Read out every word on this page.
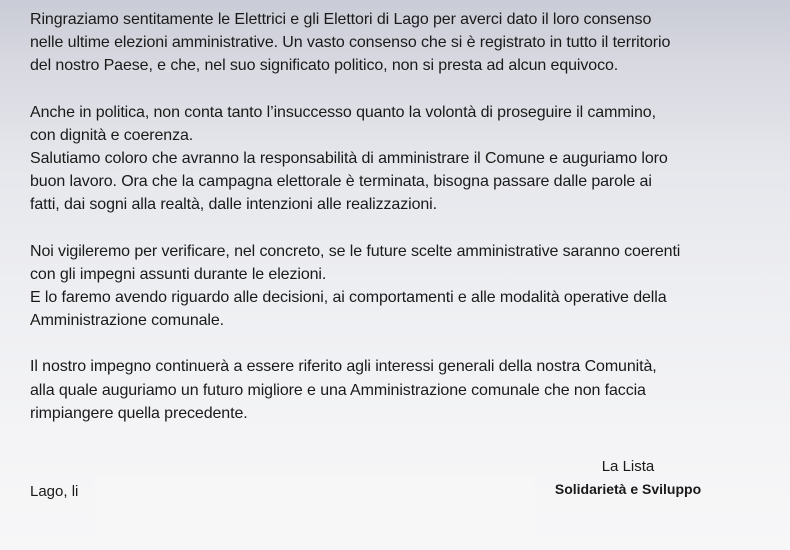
Ringraziamo sentitamente le Elettrici e gli Elettori di Lago per averci dato il loro consenso
nelle ultime elezioni amministrative. Un vasto consenso che si è registrato in tutto il territorio
del nostro Paese, e che, nel suo significato politico, non si presta ad alcun equivoco.

Anche in politica, non conta tanto l’insuccesso quanto la volontà di proseguire il cammino,
con dignità e coerenza.
Salutiamo coloro che avranno la responsabilità di amministrare il Comune e auguriamo loro
buon lavoro. Ora che la campagna elettorale è terminata, bisogna passare dalle parole ai
fatti, dai sogni alla realtà, dalle intenzioni alle realizzazioni.

Noi vigileremo per verificare, nel concreto, se le future scelte amministrative saranno coerenti
con gli impegni assunti durante le elezioni.
E lo faremo avendo riguardo alle decisioni, ai comportamenti e alle modalità operative della
Amministrazione comunale.

Il nostro impegno continuerà a essere riferito agli interessi generali della nostra Comunità,
alla quale auguriamo un futuro migliore e una Amministrazione comunale che non faccia
rimpiangere quella precedente.

Lago, li
La Lista
Solidarietà e Sviluppo
